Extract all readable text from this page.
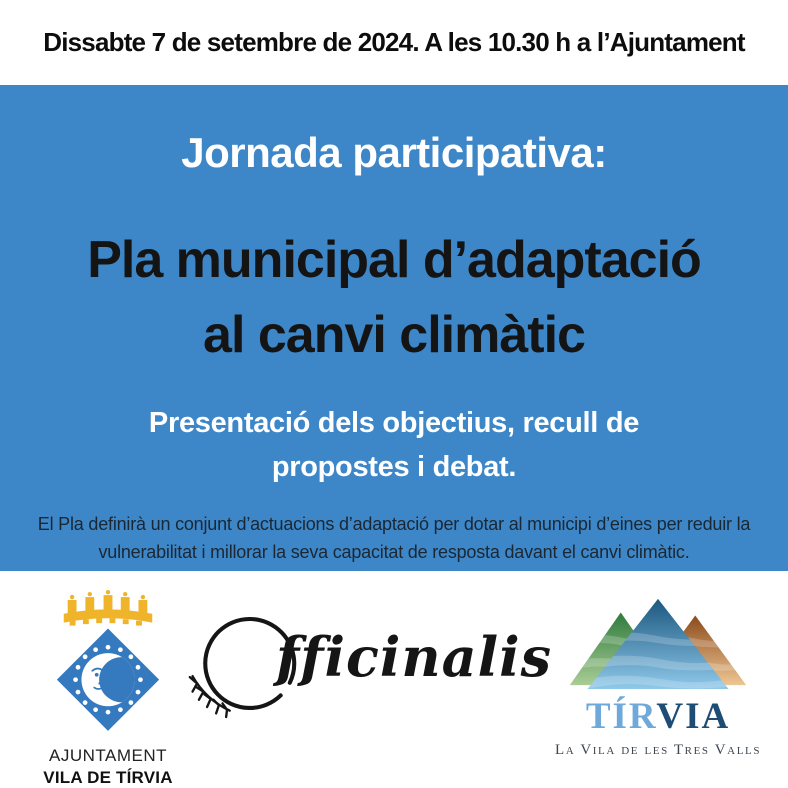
Dissabte 7 de setembre de 2024. A les 10.30 h a l’Ajuntament

Jornada participativa:

Pla municipal d’adaptació
al canvi climàtic

Presentació dels objectius, recull de propostes i debat.

El Pla definirà un conjunt d’actuacions d’adaptació per dotar al municipi d’eines per reduir la vulnerabilitat i millorar la seva capacitat de resposta davant el canvi climàtic.

AJUNTAMENT

VILA DE TÍRVIA

fficinalis

TÍRVIA

La Vila de les Tres Valls
